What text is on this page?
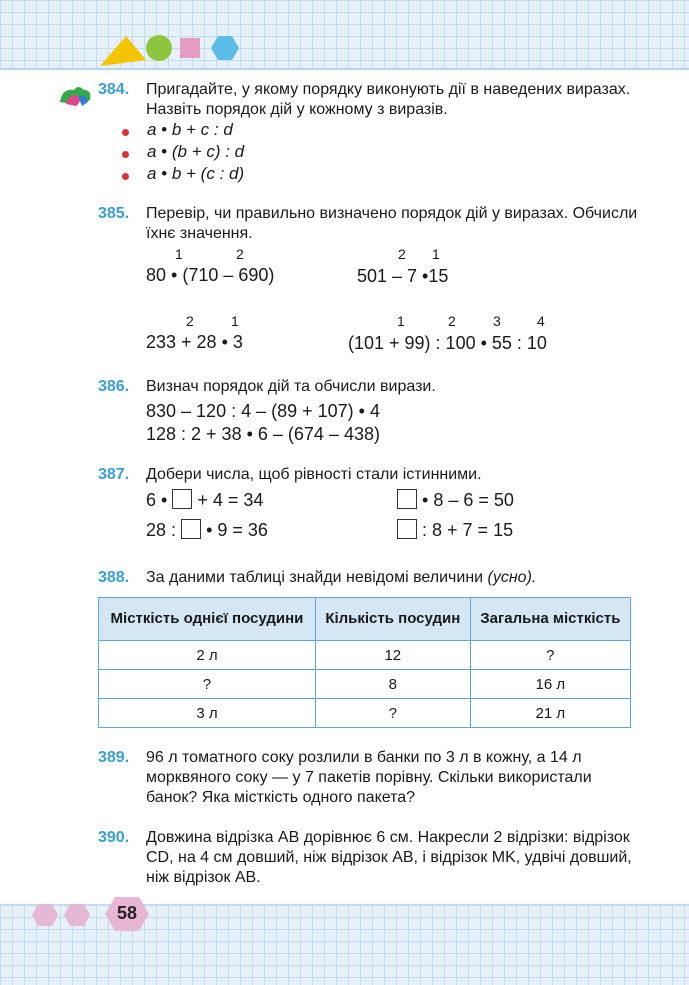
384. Пригадайте, у якому порядку виконують дії в наведених виразах. Назвіть порядок дій у кожному з виразів.
a • b + c : d
a • (b + c) : d
a • b + (c : d)
385. Перевір, чи правильно визначено порядок дій у виразах. Обчисли їхнє значення.
1	2
80 • (710 – 690)
2 1
501 – 7 •15
2	1
233 + 28 • 3
1	2	3	4
(101 + 99) : 100 • 55 : 10
386. Визнач порядок дій та обчисли вирази.
830 – 120 : 4 – (89 + 107) • 4
128 : 2 + 38 • 6 – (674 – 438)
387. Добери числа, щоб рівності стали істинними.
6 • + 4 = 34
28 : • 9 = 36
• 8 – 6 = 50
: 8 + 7 = 15
388. За даними таблиці знайди невідомі величини (усно).
Місткість однієї посудини	Кількість посудин	Загальна місткість
2 л	12	?
?	8	16 л
3 л	?	21 л
389. 96 л томатного соку розлили в банки по 3 л в кожну, а 14 л морквяного соку — у 7 пакетів порівну. Скільки використали банок? Яка місткість одного пакета?
390. Довжина відрізка AB дорівнює 6 см. Накресли 2 відрізки: відрізок CD, на 4 см довший, ніж відрізок AB, і відрізок MK, удвічі довший, ніж відрізок AB.
58
